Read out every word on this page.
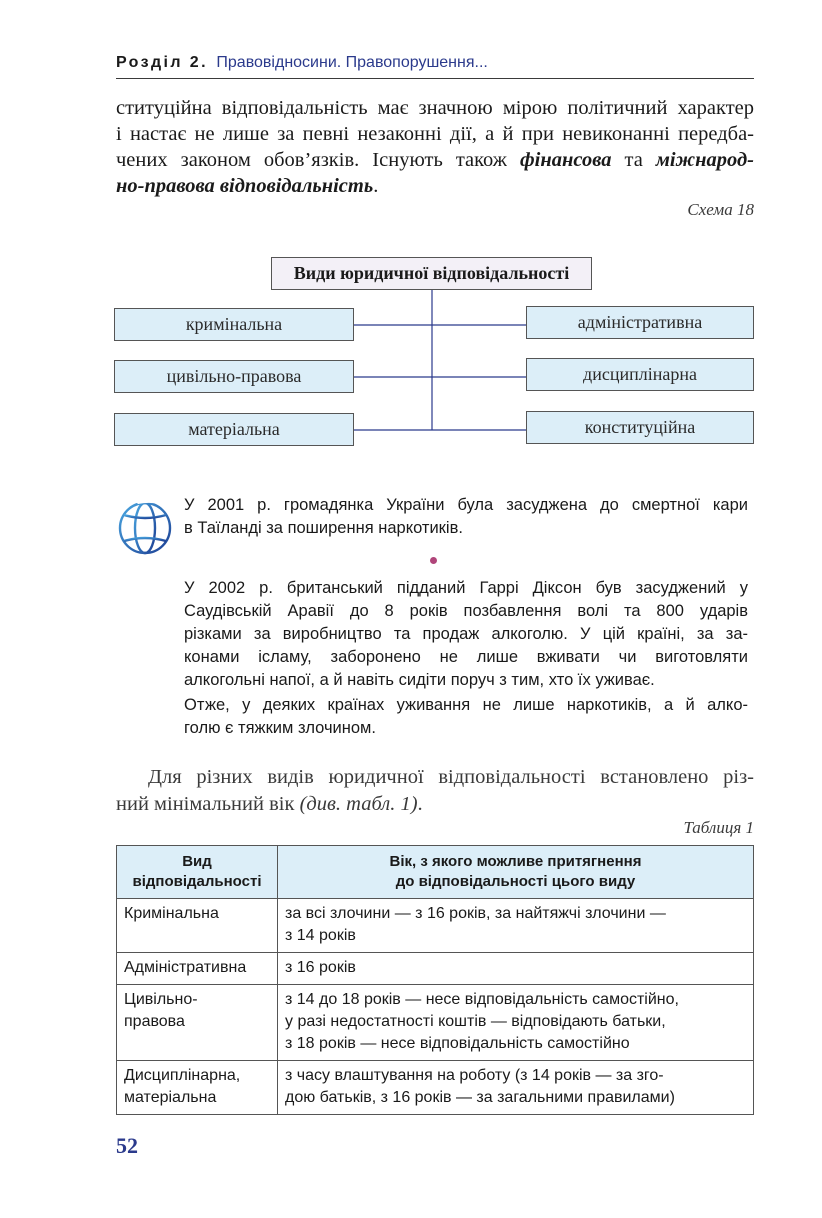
Розділ 2. Правовідносини. Правопорушення...
ституційна відповідальність має значною мірою політичний характер
і настає не лише за певні незаконні дії, а й при невиконанні передба-
чених законом обов’язків. Існують також фінансова та міжнарод-
но-правова відповідальність.
Схема 18
Види юридичної відповідальності
кримінальна
цивільно-правова
матеріальна
адміністративна
дисциплінарна
конституційна
У 2001 р. громадянка України була засуджена до смертної кари
в Таїланді за поширення наркотиків.
У 2002 р. британський підданий Гаррі Діксон був засуджений у
Саудівській Аравії до 8 років позбавлення волі та 800 ударів
різками за виробництво та продаж алкоголю. У цій країні, за за-
конами ісламу, заборонено не лише вживати чи виготовляти
алкогольні напої, а й навіть сидіти поруч з тим, хто їх уживає.
Отже, у деяких країнах уживання не лише наркотиків, а й алко-
голю є тяжким злочином.
Для різних видів юридичної відповідальності встановлено різ-
ний мінімальний вік (див. табл. 1).
Таблиця 1
Вид
відповідальності	Вік, з якого можливе притягнення
до відповідальності цього виду
Кримінальна	за всі злочини — з 16 років, за найтяжчі злочини —
з 14 років
Адміністративна	з 16 років
Цивільно-
правова	з 14 до 18 років — несе відповідальність самостійно,
у разі недостатності коштів — відповідають батьки,
з 18 років — несе відповідальність самостійно
Дисциплінарна,
матеріальна	з часу влаштування на роботу (з 14 років — за зго-
дою батьків, з 16 років — за загальними правилами)
52
